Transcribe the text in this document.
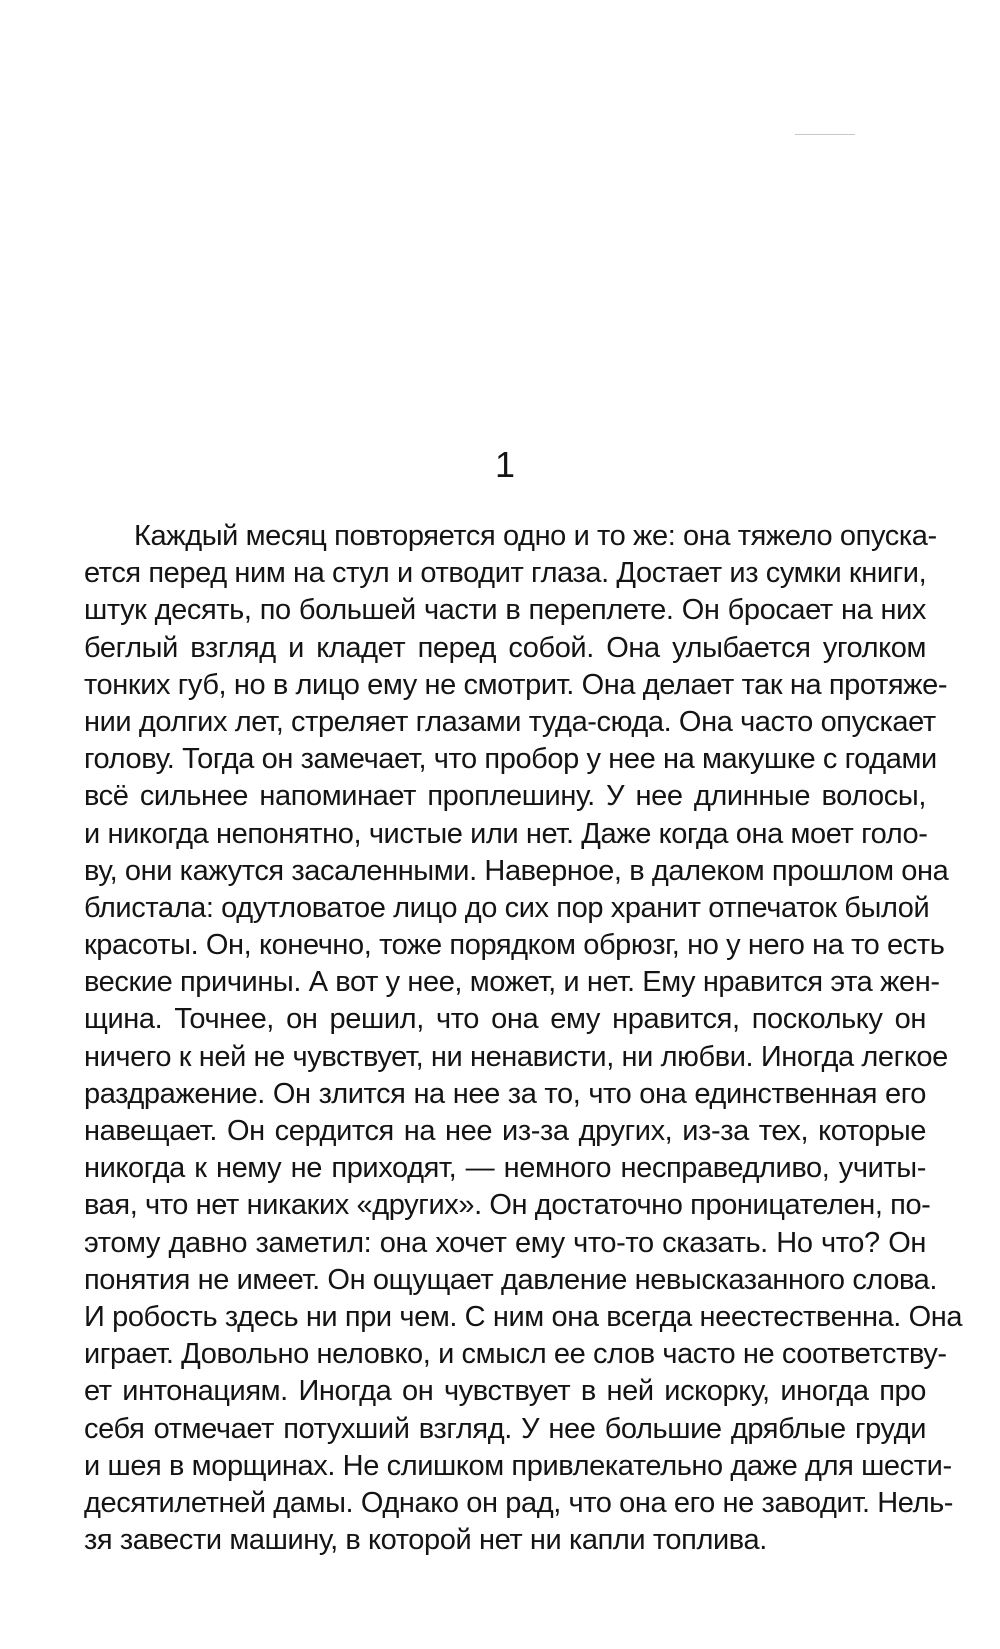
1
Каждый месяц повторяется одно и то же: она тяжело опуска-
ется перед ним на стул и отводит глаза. Достает из сумки книги,
штук десять, по большей части в переплете. Он бросает на них
беглый взгляд и кладет перед собой. Она улыбается уголком
тонких губ, но в лицо ему не смотрит. Она делает так на протяже-
нии долгих лет, стреляет глазами туда-сюда. Она часто опускает
голову. Тогда он замечает, что пробор у нее на макушке с годами
всё сильнее напоминает проплешину. У нее длинные волосы,
и никогда непонятно, чистые или нет. Даже когда она моет голо-
ву, они кажутся засаленными. Наверное, в далеком прошлом она
блистала: одутловатое лицо до сих пор хранит отпечаток былой
красоты. Он, конечно, тоже порядком обрюзг, но у него на то есть
веские причины. А вот у нее, может, и нет. Ему нравится эта жен-
щина. Точнее, он решил, что она ему нравится, поскольку он
ничего к ней не чувствует, ни ненависти, ни любви. Иногда легкое
раздражение. Он злится на нее за то, что она единственная его
навещает. Он сердится на нее из-за других, из-за тех, которые
никогда к нему не приходят, — немного несправедливо, учиты-
вая, что нет никаких «других». Он достаточно проницателен, по-
этому давно заметил: она хочет ему что-то сказать. Но что? Он
понятия не имеет. Он ощущает давление невысказанного слова.
И робость здесь ни при чем. С ним она всегда неестественна. Она
играет. Довольно неловко, и смысл ее слов часто не соответству-
ет интонациям. Иногда он чувствует в ней искорку, иногда про
себя отмечает потухший взгляд. У нее большие дряблые груди
и шея в морщинах. Не слишком привлекательно даже для шести-
десятилетней дамы. Однако он рад, что она его не заводит. Нель-
зя завести машину, в которой нет ни капли топлива.
